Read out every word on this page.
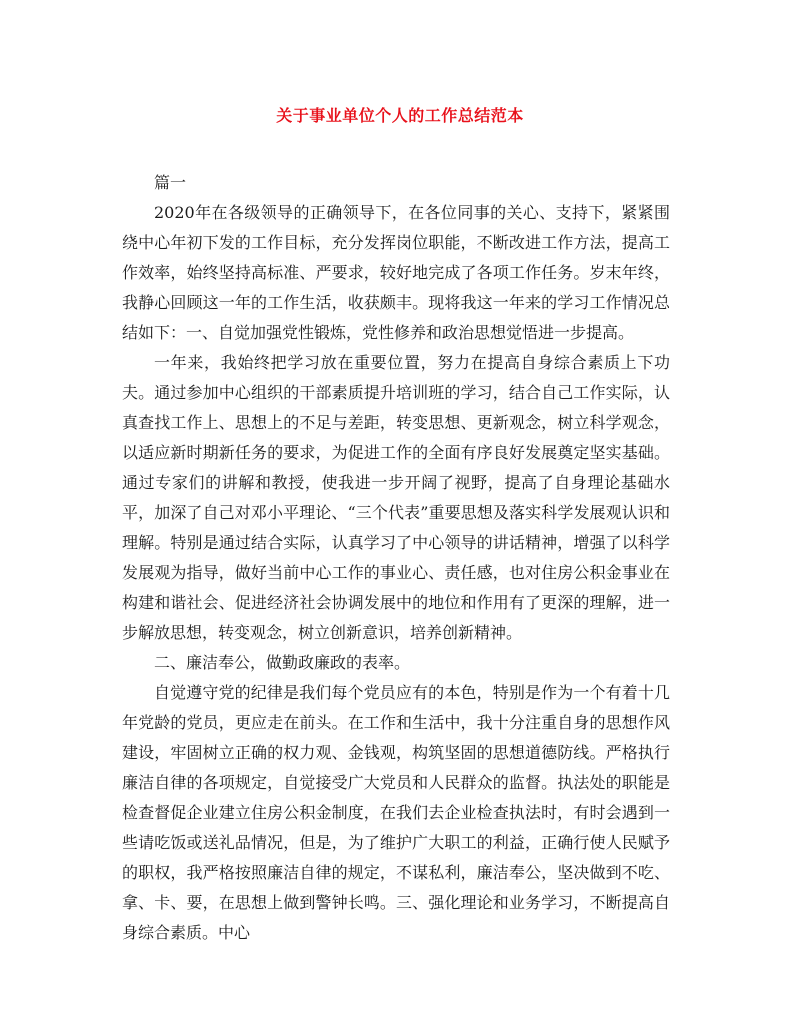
关于事业单位个人的工作总结范本

篇一

2020年在各级领导的正确领导下，在各位同事的关心、支持下，紧紧围绕中心年初下发的工作目标，充分发挥岗位职能，不断改进工作方法，提高工作效率，始终坚持高标准、严要求，较好地完成了各项工作任务。岁末年终，我静心回顾这一年的工作生活，收获颇丰。现将我这一年来的学习工作情况总结如下：一、自觉加强党性锻炼，党性修养和政治思想觉悟进一步提高。

一年来，我始终把学习放在重要位置，努力在提高自身综合素质上下功夫。通过参加中心组织的干部素质提升培训班的学习，结合自己工作实际，认真查找工作上、思想上的不足与差距，转变思想、更新观念，树立科学观念，以适应新时期新任务的要求，为促进工作的全面有序良好发展奠定坚实基础。通过专家们的讲解和教授，使我进一步开阔了视野，提高了自身理论基础水平，加深了自己对邓小平理论、“三个代表”重要思想及落实科学发展观认识和理解。特别是通过结合实际，认真学习了中心领导的讲话精神，增强了以科学发展观为指导，做好当前中心工作的事业心、责任感，也对住房公积金事业在构建和谐社会、促进经济社会协调发展中的地位和作用有了更深的理解，进一步解放思想，转变观念，树立创新意识，培养创新精神。

二、廉洁奉公，做勤政廉政的表率。

自觉遵守党的纪律是我们每个党员应有的本色，特别是作为一个有着十几年党龄的党员，更应走在前头。在工作和生活中，我十分注重自身的思想作风建设，牢固树立正确的权力观、金钱观，构筑坚固的思想道德防线。严格执行廉洁自律的各项规定，自觉接受广大党员和人民群众的监督。执法处的职能是检查督促企业建立住房公积金制度，在我们去企业检查执法时，有时会遇到一些请吃饭或送礼品情况，但是，为了维护广大职工的利益，正确行使人民赋予的职权，我严格按照廉洁自律的规定，不谋私利，廉洁奉公，坚决做到不吃、拿、卡、要，在思想上做到警钟长鸣。三、强化理论和业务学习，不断提高自身综合素质。中心
